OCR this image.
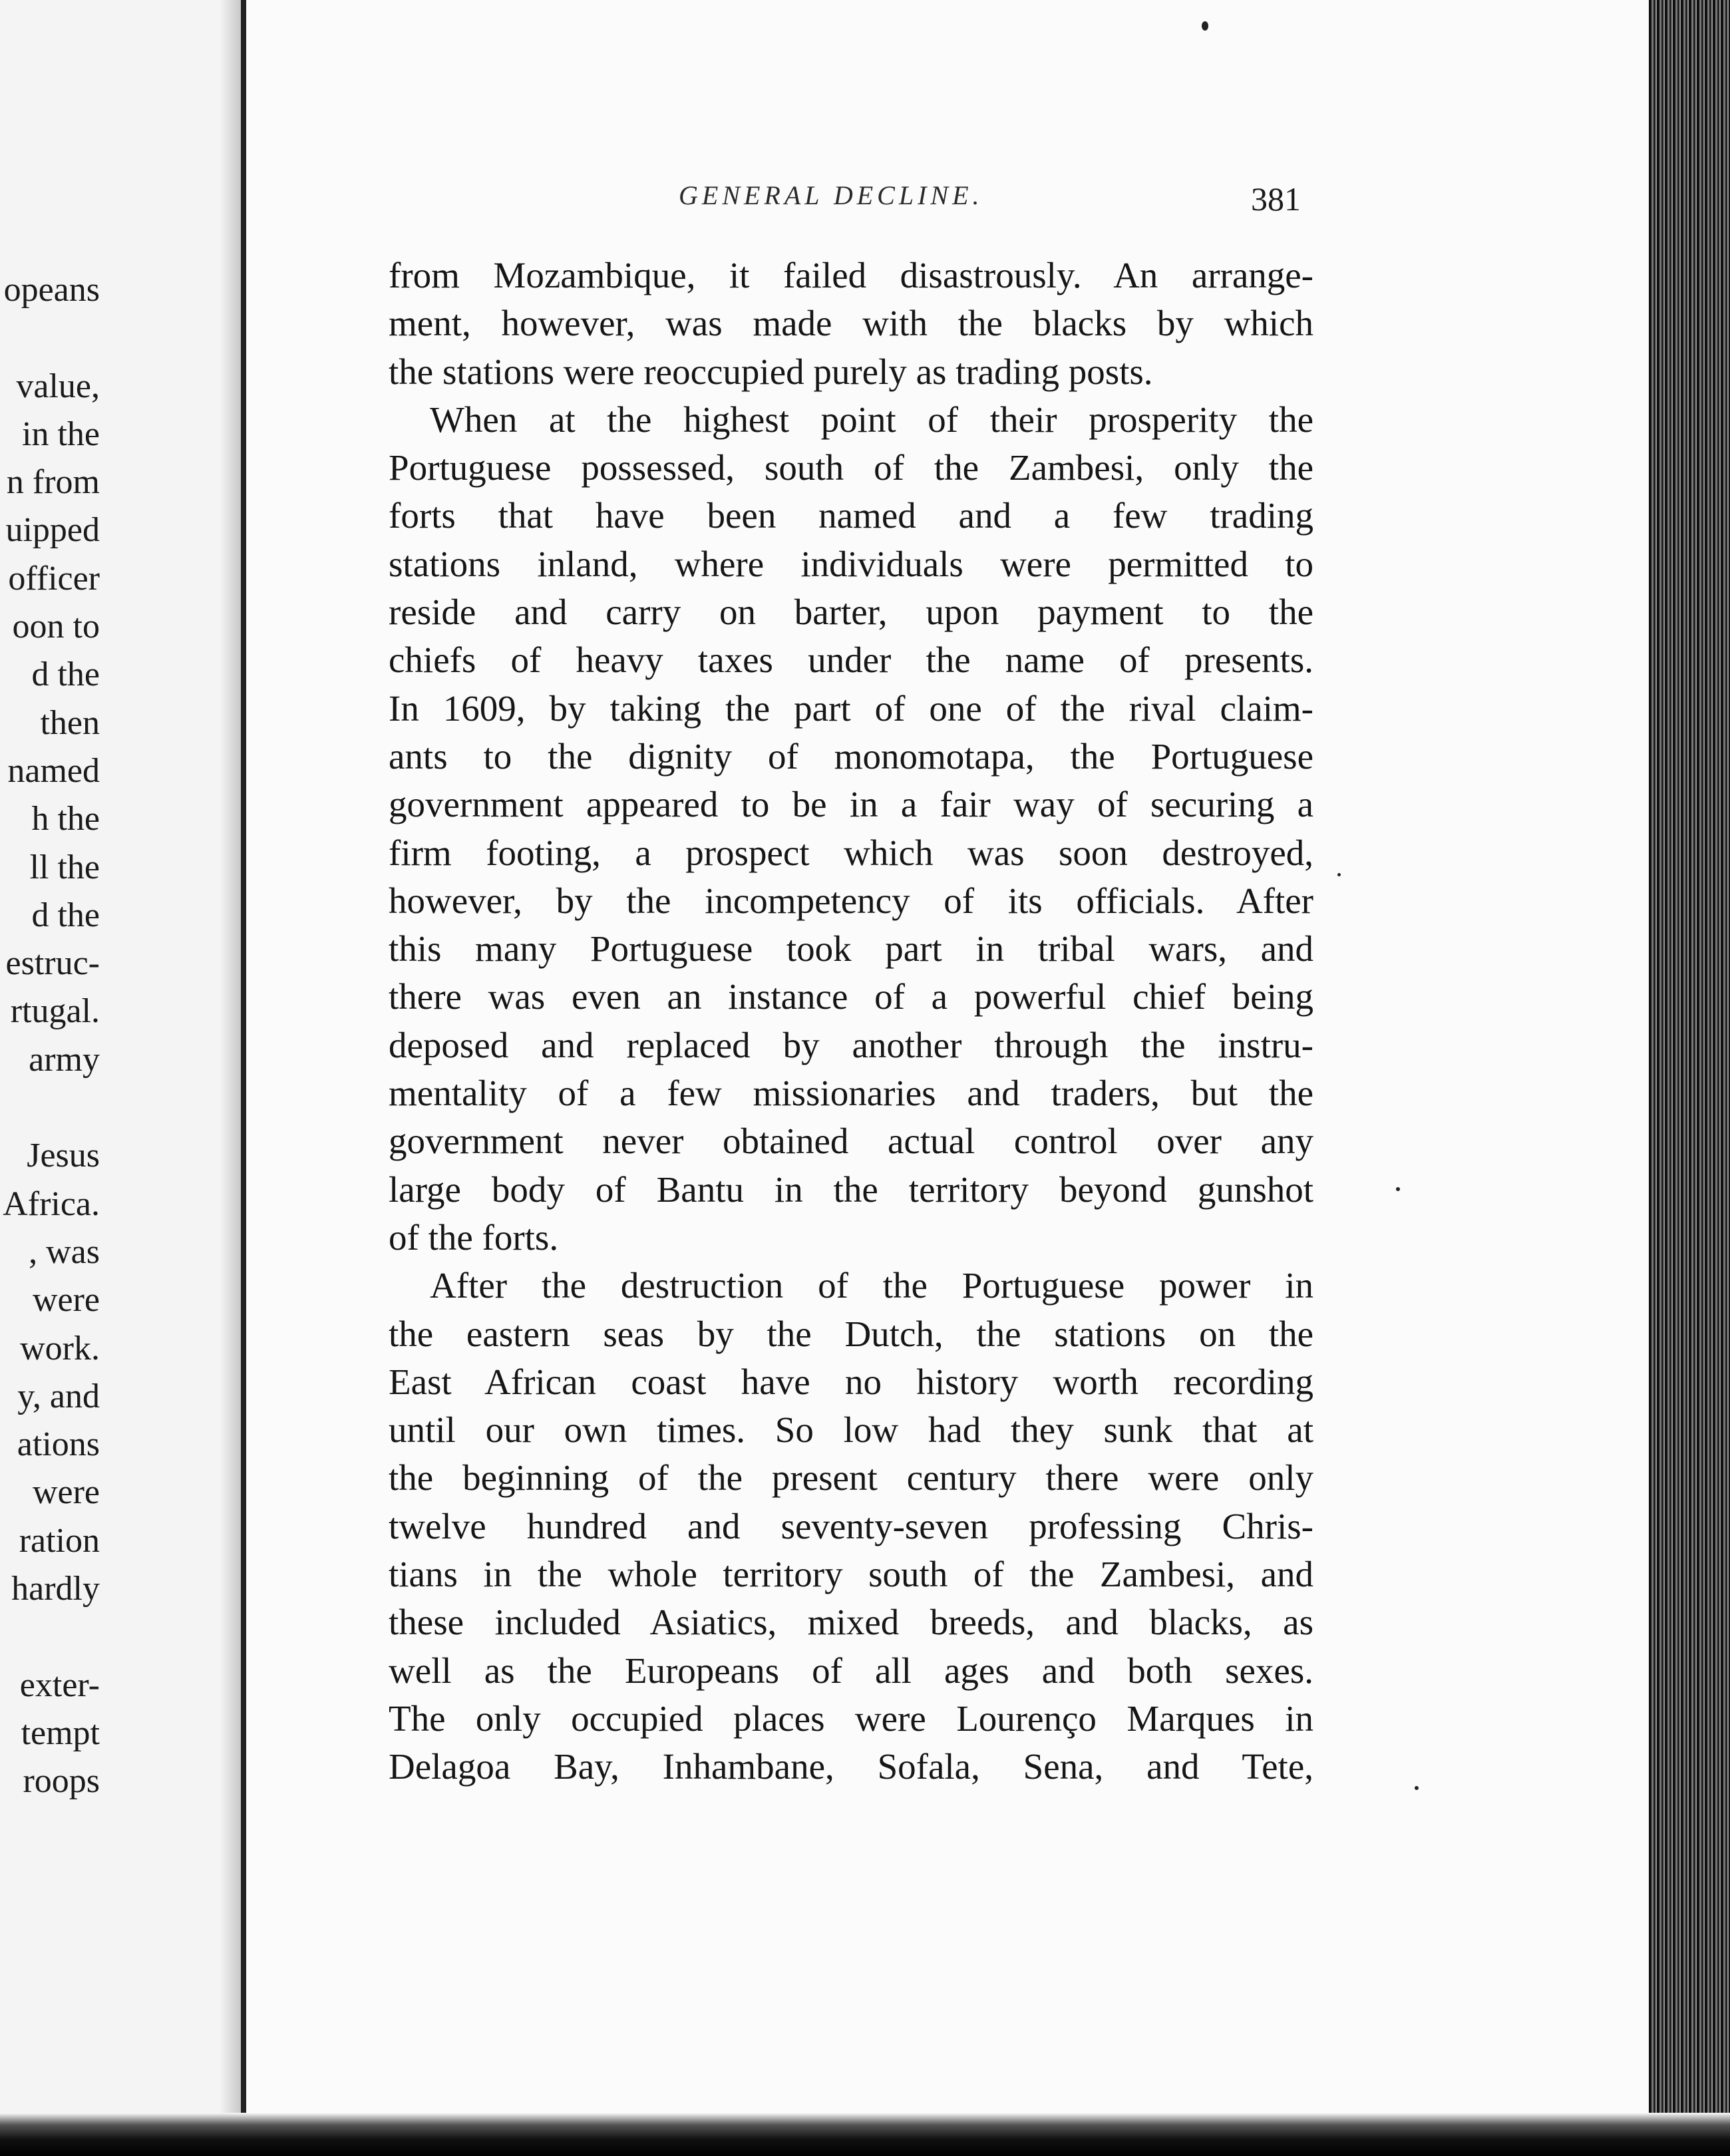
opeans
value,
in the
n from
uipped
officer
oon to
d the
then
named
h the
ll the
d the
estruc-
rtugal.
army
Jesus
Africa.
, was
were
work.
y, and
ations
were
ration
hardly
exter-
tempt
roops
GENERAL DECLINE.	381
from Mozambique, it failed disastrously. An arrange-
ment, however, was made with the blacks by which
the stations were reoccupied purely as trading posts.
When at the highest point of their prosperity the
Portuguese possessed, south of the Zambesi, only the
forts that have been named and a few trading
stations inland, where individuals were permitted to
reside and carry on barter, upon payment to the
chiefs of heavy taxes under the name of presents.
In 1609, by taking the part of one of the rival claim-
ants to the dignity of monomotapa, the Portuguese
government appeared to be in a fair way of securing a
firm footing, a prospect which was soon destroyed,
however, by the incompetency of its officials. After
this many Portuguese took part in tribal wars, and
there was even an instance of a powerful chief being
deposed and replaced by another through the instru-
mentality of a few missionaries and traders, but the
government never obtained actual control over any
large body of Bantu in the territory beyond gunshot
of the forts.
After the destruction of the Portuguese power in
the eastern seas by the Dutch, the stations on the
East African coast have no history worth recording
until our own times. So low had they sunk that at
the beginning of the present century there were only
twelve hundred and seventy-seven professing Chris-
tians in the whole territory south of the Zambesi, and
these included Asiatics, mixed breeds, and blacks, as
well as the Europeans of all ages and both sexes.
The only occupied places were Lourenço Marques in
Delagoa Bay, Inhambane, Sofala, Sena, and Tete,
